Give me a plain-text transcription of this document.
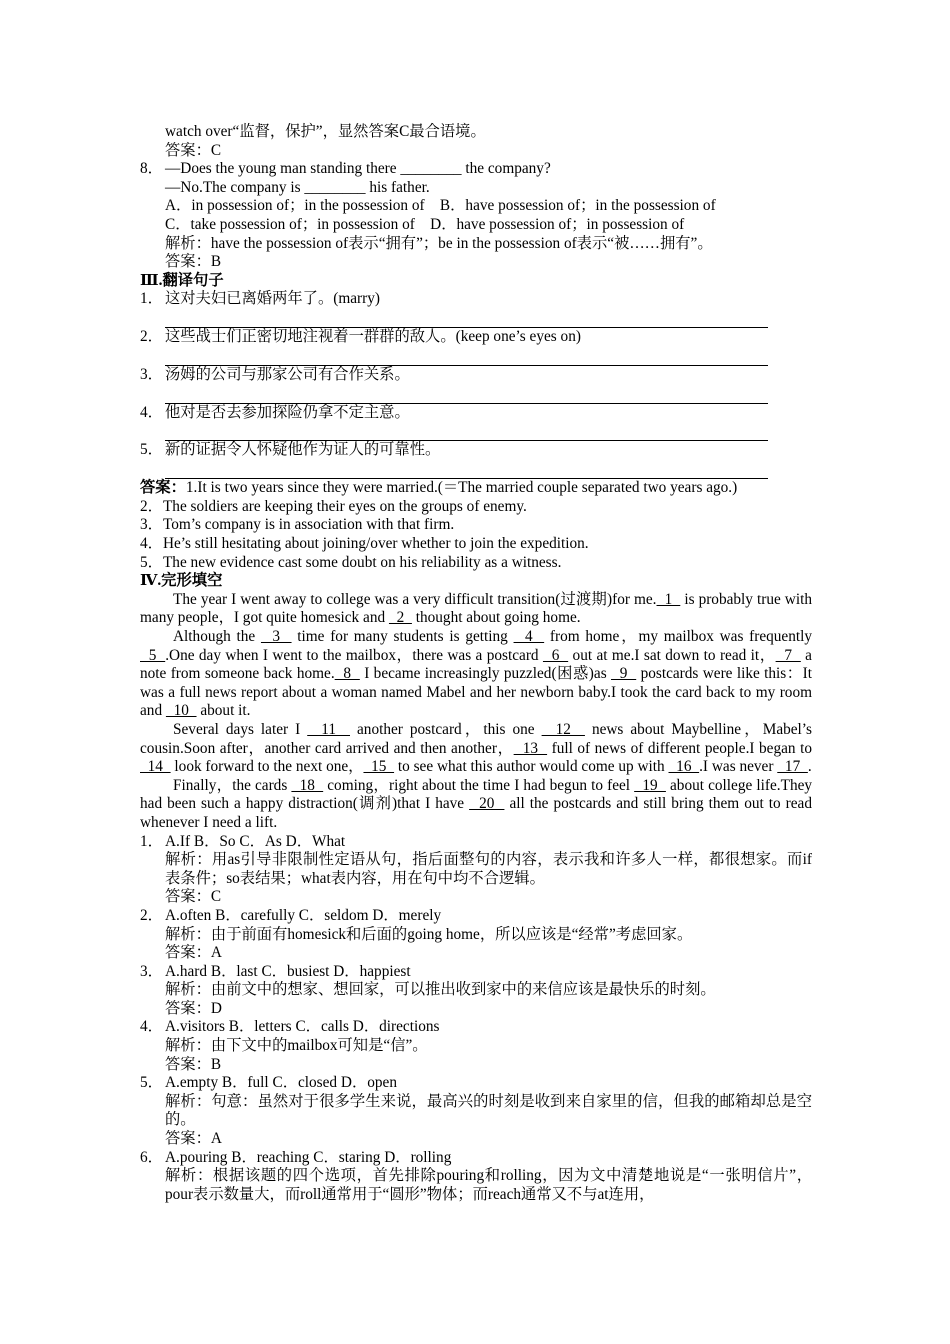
watch over“监督，保护”，显然答案C最合语境。
答案：C
8． —Does the young man standing there ________ the company?
—No.The company is ________ his father.
A．in possession of；in the possession of　B．have possession of；in the possession of
C．take possession of；in possession of　D．have possession of；in possession of
解析：have the possession of表示“拥有”；be in the possession of表示“被……拥有”。
答案：B
Ⅲ.翻译句子
1． 这对夫妇已离婚两年了。(marry)
2． 这些战士们正密切地注视着一群群的敌人。(keep one’s eyes on)
3． 汤姆的公司与那家公司有合作关系。
4． 他对是否去参加探险仍拿不定主意。
5． 新的证据令人怀疑他作为证人的可靠性。
答案：1.It is two years since they were married.(＝The married couple separated two years ago.)
2．The soldiers are keeping their eyes on the groups of enemy.
3．Tom’s company is in association with that firm.
4．He’s still hesitating about joining/over whether to join the expedition.
5．The new evidence cast some doubt on his reliability as a witness.
Ⅳ.完形填空
The year I went away to college was a very difficult transition(过渡期)for me.  1   is probably true with many people，I got quite homesick and   2   thought about going home.
Although the   3   time for many students is getting   4   from home，my mailbox was frequently   5  .One day when I went to the mailbox，there was a postcard   6   out at me.I sat down to read it，  7   a note from someone back home.  8   I became increasingly puzzled(困惑)as   9   postcards were like this：It was a full news report about a woman named Mabel and her newborn baby.I took the card back to my room and   10   about it.
Several days later I   11   another postcard，this one   12   news about Maybelline，Mabel’s cousin.Soon after，another card arrived and then another，  13   full of news of different people.I began to   14   look forward to the next one，  15   to see what this author would come up with   16  .I was never   17  .
Finally，the cards   18   coming，right about the time I had begun to feel   19   about college life.They had been such a happy distraction(调剂)that I have   20   all the postcards and still bring them out to read whenever I need a lift.
1． A.If B．So C．As D．What
解析：用as引导非限制性定语从句，指后面整句的内容，表示我和许多人一样，都很想家。而if表条件；so表结果；what表内容，用在句中均不合逻辑。
答案：C
2． A.often B．carefully C．seldom D．merely
解析：由于前面有homesick和后面的going home，所以应该是“经常”考虑回家。
答案：A
3． A.hard B．last C．busiest D．happiest
解析：由前文中的想家、想回家，可以推出收到家中的来信应该是最快乐的时刻。
答案：D
4． A.visitors B．letters C．calls D．directions
解析：由下文中的mailbox可知是“信”。
答案：B
5． A.empty B．full C．closed D．open
解析：句意：虽然对于很多学生来说，最高兴的时刻是收到来自家里的信，但我的邮箱却总是空的。
答案：A
6． A.pouring B．reaching C．staring D．rolling
解析：根据该题的四个选项，首先排除pouring和rolling，因为文中清楚地说是“一张明信片”，pour表示数量大，而roll通常用于“圆形”物体；而reach通常又不与at连用，
